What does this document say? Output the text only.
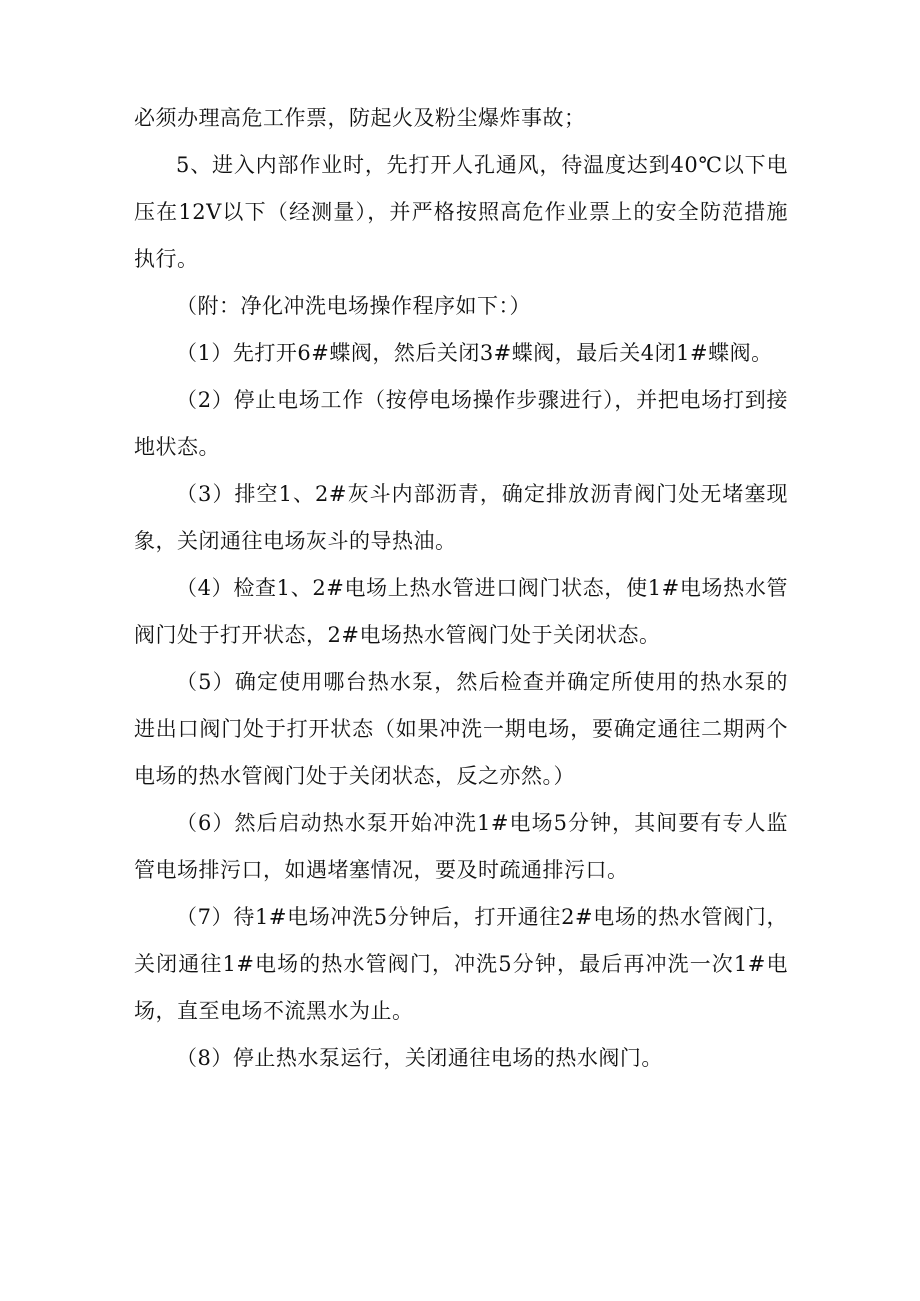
必须办理高危工作票，防起火及粉尘爆炸事故；

5、进入内部作业时，先打开人孔通风，待温度达到40℃以下电压在12V以下（经测量），并严格按照高危作业票上的安全防范措施执行。

（附：净化冲洗电场操作程序如下：）

（1）先打开6#蝶阀，然后关闭3#蝶阀，最后关4闭1#蝶阀。

（2）停止电场工作（按停电场操作步骤进行），并把电场打到接地状态。

（3）排空1、2#灰斗内部沥青，确定排放沥青阀门处无堵塞现象，关闭通往电场灰斗的导热油。

（4）检查1、2#电场上热水管进口阀门状态，使1#电场热水管阀门处于打开状态，2#电场热水管阀门处于关闭状态。

（5）确定使用哪台热水泵，然后检查并确定所使用的热水泵的进出口阀门处于打开状态（如果冲洗一期电场，要确定通往二期两个电场的热水管阀门处于关闭状态，反之亦然。）

（6）然后启动热水泵开始冲洗1#电场5分钟，其间要有专人监管电场排污口，如遇堵塞情况，要及时疏通排污口。

（7）待1#电场冲洗5分钟后，打开通往2#电场的热水管阀门，关闭通往1#电场的热水管阀门，冲洗5分钟，最后再冲洗一次1#电场，直至电场不流黑水为止。

（8）停止热水泵运行，关闭通往电场的热水阀门。
